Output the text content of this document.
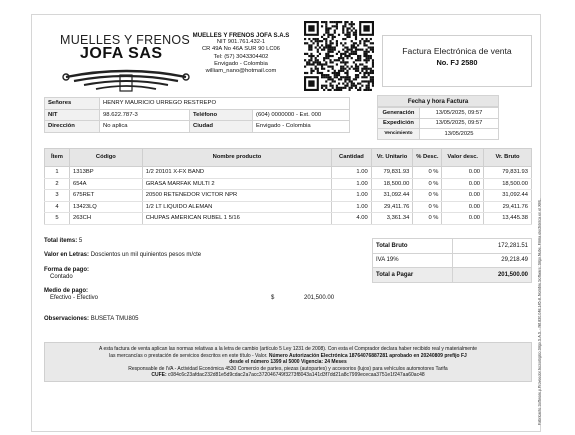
MUELLES Y FRENOS
JOFA SAS
MUELLES Y FRENOS JOFA S.A.S
NIT 901.761.432-1
CR 49A No 46A SUR 90 LC06
Tel: (57) 3043304402
Envigado - Colombia
william_nano@hotmail.com
Factura Electrónica de venta
No. FJ 2580
Fabricante Software y Proveedor tecnológico Siigo S.A.S. - Nit 830.048.145-8. Nombre Software: Siigo Nube. Firma electrónica en el XML.
Señores	HENRY MAURICIO URREGO RESTREPO		
NIT	98.622.787-3	Teléfono	(604) 0000000 - Ext. 000
Dirección	No aplica	Ciudad	Envigado - Colombia
Fecha y hora Factura
Generación	13/05/2025, 09:57
Expedición	13/05/2025, 09:57
Vencimiento	13/05/2025
Ítem	Código	Nombre producto	Cantidad	Vr. Unitario	% Desc.	Valor desc.	Vr. Bruto
1	1313BP	1/2 20101 X-FX BAND	1.00	79,831.93	0 %	0.00	79,831.93
2	654A	GRASA MARFAK MULTI 2	1.00	18,500.00	0 %	0.00	18,500.00
3	675RET	20500 RETENEDOR VICTOR NPR	1.00	31,092.44	0 %	0.00	31,092.44
4	13423LQ	1/2 LT LIQUIDO ALEMAN	1.00	29,411.76	0 %	0.00	29,411.76
5	263CH	CHUPAS AMERICAN RUBEL 1 5/16	4.00	3,361.34	0 %	0.00	13,445.38
Total ítems: 5
Valor en Letras: Doscientos un mil quinientos pesos m/cte
Forma de pago:
Contado
Medio de pago:
Efectivo - Efectivo	$	201,500.00
Observaciones: BUSETA TMU805
Total Bruto	172,281.51
IVA 19%	29,218.49
Total a Pagar	201,500.00
A esta factura de venta aplican las normas relativas a la letra de cambio (artículo 5 Ley 1231 de 2008). Con esta el Comprador declara haber recibido real y materialmente
las mercancías o prestación de servicios descritos en este título - Valor. Número Autorización Electrónica 18764076887281 aprobado en 20240809 prefijo FJ
desde el número 1399 al 5000 Vigencia: 24 Meses
Responsable de IVA - Actividad Económica 4530 Comercio de partes, piezas (autopartes) y accesorios (lujos) para vehículos automotores Tarifa
CUFE: c084c6c23afdac232d81e5d9cdac2a7acc372046749f3273f8043a141d3f7dd21a8c7999ececaa3751e1f247aa60ac48
